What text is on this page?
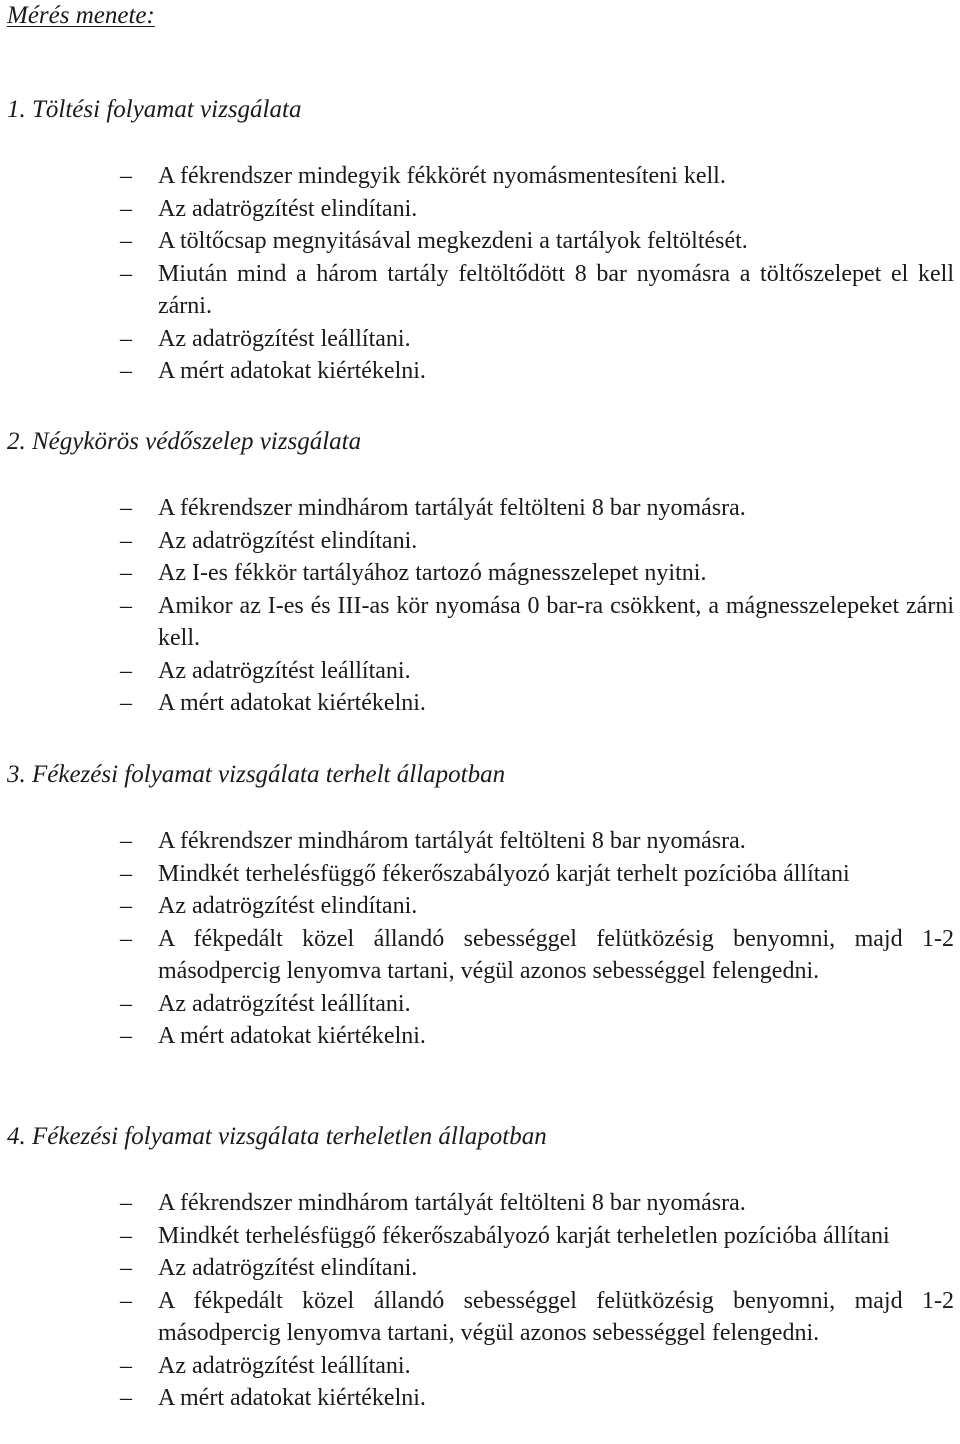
Mérés menete:
1. Töltési folyamat vizsgálata
– A fékrendszer mindegyik fékkörét nyomásmentesíteni kell.
– Az adatrögzítést elindítani.
– A töltőcsap megnyitásával megkezdeni a tartályok feltöltését.
– Miután mind a három tartály feltöltődött 8 bar nyomásra a töltőszelepet el kell zárni.
– Az adatrögzítést leállítani.
– A mért adatokat kiértékelni.
2. Négykörös védőszelep vizsgálata
– A fékrendszer mindhárom tartályát feltölteni 8 bar nyomásra.
– Az adatrögzítést elindítani.
– Az I-es fékkör tartályához tartozó mágnesszelepet nyitni.
– Amikor az I-es és III-as kör nyomása 0 bar-ra csökkent, a mágnesszelepeket zárni kell.
– Az adatrögzítést leállítani.
– A mért adatokat kiértékelni.
3. Fékezési folyamat vizsgálata terhelt állapotban
– A fékrendszer mindhárom tartályát feltölteni 8 bar nyomásra.
– Mindkét terhelésfüggő fékerőszabályozó karját terhelt pozícióba állítani
– Az adatrögzítést elindítani.
– A fékpedált közel állandó sebességgel felütközésig benyomni, majd 1-2 másodpercig lenyomva tartani, végül azonos sebességgel felengedni.
– Az adatrögzítést leállítani.
– A mért adatokat kiértékelni.
4. Fékezési folyamat vizsgálata terheletlen állapotban
– A fékrendszer mindhárom tartályát feltölteni 8 bar nyomásra.
– Mindkét terhelésfüggő fékerőszabályozó karját terheletlen pozícióba állítani
– Az adatrögzítést elindítani.
– A fékpedált közel állandó sebességgel felütközésig benyomni, majd 1-2 másodpercig lenyomva tartani, végül azonos sebességgel felengedni.
– Az adatrögzítést leállítani.
– A mért adatokat kiértékelni.
